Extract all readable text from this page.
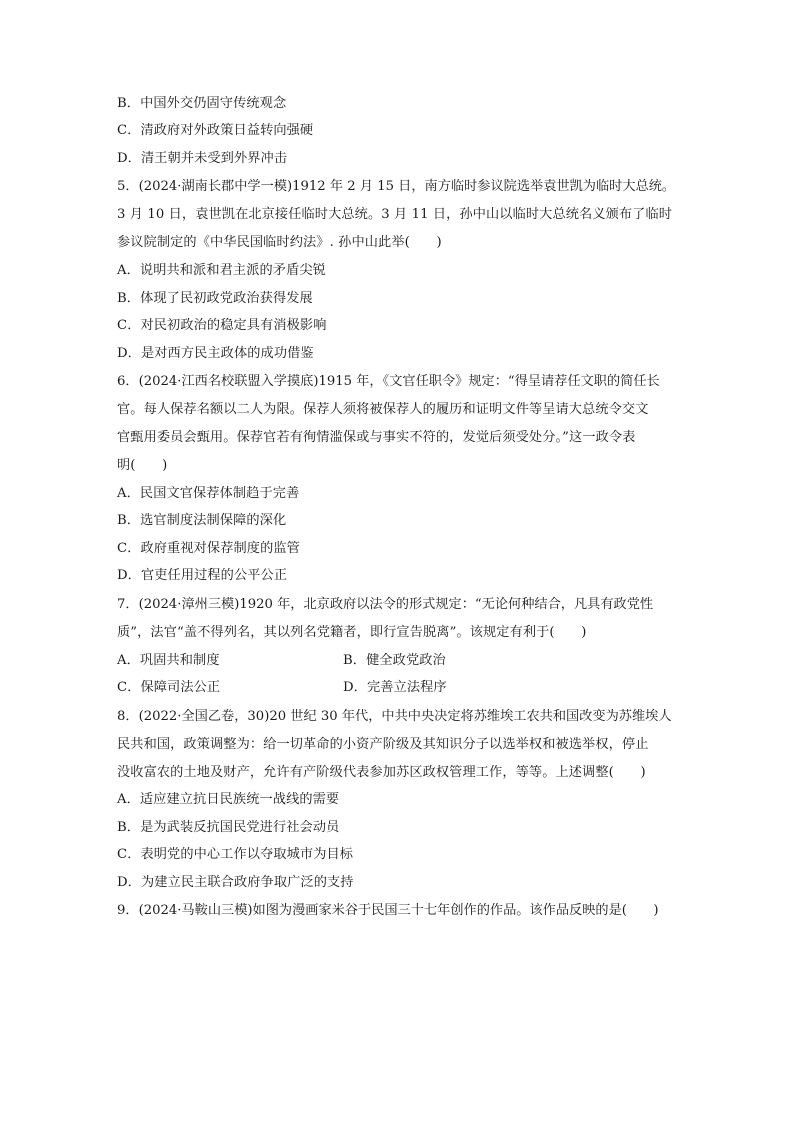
B．中国外交仍固守传统观念
C．清政府对外政策日益转向强硬
D．清王朝并未受到外界冲击
5．(2024·湖南长郡中学一模)1912 年 2 月 15 日，南方临时参议院选举袁世凯为临时大总统。
3 月 10 日，袁世凯在北京接任临时大总统。3 月 11 日，孙中山以临时大总统名义颁布了临时
参议院制定的《中华民国临时约法》. 孙中山此举(　　)
A．说明共和派和君主派的矛盾尖锐
B．体现了民初政党政治获得发展
C．对民初政治的稳定具有消极影响
D．是对西方民主政体的成功借鉴
6．(2024·江西名校联盟入学摸底)1915 年，《文官任职令》规定：“得呈请荐任文职的简任长
官。每人保荐名额以二人为限。保荐人须将被保荐人的履历和证明文件等呈请大总统令交文
官甄用委员会甄用。保荐官若有徇情滥保或与事实不符的，发觉后须受处分。”这一政令表
明(　　)
A．民国文官保荐体制趋于完善
B．选官制度法制保障的深化
C．政府重视对保荐制度的监管
D．官吏任用过程的公平公正
7．(2024·漳州三模)1920 年，北京政府以法令的形式规定：“无论何种结合，凡具有政党性
质”，法官“盖不得列名，其以列名党籍者，即行宣告脱离”。该规定有利于(　　)
A．巩固共和制度	B．健全政党政治
C．保障司法公正	D．完善立法程序
8．(2022·全国乙卷，30)20 世纪 30 年代，中共中央决定将苏维埃工农共和国改变为苏维埃人
民共和国，政策调整为：给一切革命的小资产阶级及其知识分子以选举权和被选举权，停止
没收富农的土地及财产，允许有产阶级代表参加苏区政权管理工作，等等。上述调整(　　)
A．适应建立抗日民族统一战线的需要
B．是为武装反抗国民党进行社会动员
C．表明党的中心工作以夺取城市为目标
D．为建立民主联合政府争取广泛的支持
9．(2024·马鞍山三模)如图为漫画家米谷于民国三十七年创作的作品。该作品反映的是(　　)
